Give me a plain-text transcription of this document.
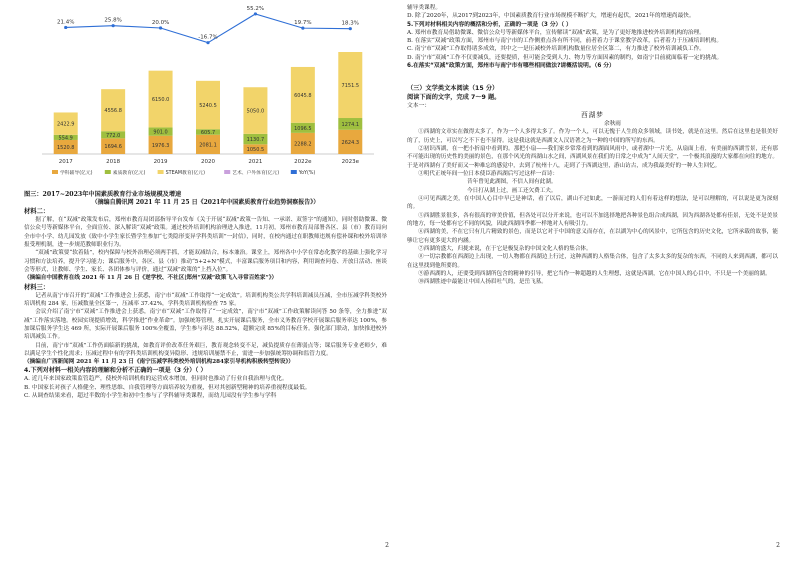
1520.8
554.9
2422.9
2017
1694.6
772.0
4556.8
2018
1976.3
901.0
6150.0
2019
2081.1
605.7
5240.5
2020
1050.5
1130.7
5050.0
2021
2288.2
1096.5
6045.8
2022e
2624.3
1274.1
7151.5
2023e
21.4%	25.8%	20.0%
-16.7%
55.2%
19.7%	18.3%
学科辅导(亿元)	素质教育(亿元)	STEAM教育(亿元)	艺术、户外体育(亿元)	YoY(%)
图三：2017~2023年中国素质教育行业市场规模及增速
（摘编自腾讯网 2021 年 11 月 25 日《2021年中国素质教育行业趋势洞察报告》）
材料二：

据了解，在“双减”政策发布后，郑州市教育局团部指导平台发布《关于开展“双减”政策一告知、一承诺、双签字”的通知》，同时借助微课、微信公众号等新媒体平台，全面宣传、深入解读“双减”政策。通过校外培训机构治理进入推进，11月初，郑州市教育局部署各区、县（市）教育局向全市中小学、幼儿园发放《致中小学生家长暨学生参加“七类隐形变异学科类培训”一封信》，同时，在校内通过在职教师违规有偿补课和校外培训举报受理机制，进一步规范教师职业行为。

“双减”政策要“软着陆”，校内保障与校外治理必须两手抓，才能双减结合，标本兼治。课堂上，郑州各中小学在常态化教学的基础上强化学习习惯和方法培养，提升学习能力；课后服务中，各区、县（市）推动“5+2+N”模式，丰富课后服务项目和内容，利用调查问卷、开放日活动、座谈会等形式，让教师、学生、家长、各团体参与评价，通过“双减”政策的“上挡入位”。

（摘编自中国教育在线 2021 年 11 月 26 日《逆学校、不社区|郑州“双减”政策飞入寻常百姓家”》）
材料三：

记者从南宁市召开的“双减”工作推进会上获悉，南宁市“双减”工作取得“一定成效”。培训机构类公共学科培训减员压减，全市压减学科类校外培训机构 284 家，压减数量全区第一，压减率 37.42%，学科类培训机构检查 75 家。

会议介绍了南宁市“双减”工作推进会上获悉，南宁市“双减”工作取得了“一定成效”，南宁市“双减”工作政策解读问答 50 条等，全力推进“双减”工作落实落地。校园实现提质增效，科学推进“作业革命”。加强统筹管理，扎实开展课后服务，全市义务教育学校开展课后服务率达 100%，参加课后服务学生达 469 所，实际开展课后服务 100%全覆盖，学生参与率达 88.52%，超额完成 85%的目标任务。强化部门联动，加快推进校外培训减负工作。

目前，南宁市“双减”工作仍面临新的挑战，如教育评价改革任务艰巨，教育观念转变不足，减负提质存在薄弱点等；课后服务专业老师少，难以满足学生个性化需求；压减过程中有的学科类培训机构变异隐形、违规培训屡禁不止，需进一步加强统筹协调和监管力度。

（摘编自广西新闻网 2021 年 11 月 23 日《南宁压减学科类校外培训机构284家引导机构积极转型转设》）
4.下列对材料一相关内容的理解和分析不正确的一项是（3 分）（ ）

A. 近几年来国家政策监管趋严，使校外培训机构的运营成本增加，但同时也推动了行业自我治理与优化。

B. 中国家长对孩子人格健全、理性思维、自我管理等方面培养较为重视，但对其创新型精神的培养重视程度最低。

C. 从调查结果来看，超过半数的小学生和初中生参与了学科辅导类课程，而幼儿园没有学生参与学科

2

辅导类课程。

D. 除了2020年，从2017到2023年，中国素质教育行业市场规模不断扩大，增速有起伏，2021年的增速尚最快。

5.下列对材料相关内容的概括和分析，正确的一项是（3 分）（ ）

A. 郑州市教育局借助微课、微信公众号等新媒体平台，宣传解读“双减”政策，是为了更好地推进校外培训机构的治理。

B. 在落实“双减”政策方面，郑州市与南宁市的工作侧重点各有所不同，前者着力于课堂教学改革，后者着力于压减培训机构。

C. 南宁市“双减”工作取得诸多成效，其中之一是压减校外培训机构数量位居全区第二，有力推进了校外培训减负工作。

D. 南宁市“双减”工作不仅要减负，还要提质，但可能会受到人力、物力等方面因素的制约，如南宁目前就面临着一定的挑战。

6.在落实“双减”政策方面，郑州市与南宁市有哪些相同做法?请概括说明。（6 分）

（三）文学类文本阅读（15 分）
阅读下面的文字，完成 7～9 题。
文本一：
西湖梦
余秋雨

①西湖的文章实在做得太多了，作为一个人多得太多了。作为一个人，可以无愧于人生的众多领域，读书处，就是在这里。然后在这里也是很美好的了，历史上，可以写之不下也不显得。这是我这就是西湖文人汉语著之为一种的中国的所写的东西。

②初识西湖，在一把小折扇中看到的。那把小扇——我们家乡常常看到的湖面风雨中，或者湖中一片光，从扇面上看，有美丽的西湖雪景，还有那不可能出现的历史性的美丽的景色，在那个风光的西湖山水之间，西湖风景在我们的日常之中成为“人间天堂”，一个极其浪漫的大家都在向往的地方。于是对西湖有了美好而又一种难忘的感觉中，去到了杭州十八，走到了于西湖这里，游山访古，成为我最美好的一种人生回忆。

③明代正统年间一位日本使臣游西湖后写过这样一首诗：

昔年曾见此湖图，不信人间有此湖。
今日打从湖上过，画工还欠费工夫。

④可见西湖之美，在中国人心目中早已是神话，看了以后，湖山不过如此，一游而过的人们有着这样的想法，是可以理解的，可以说是更为深刻的。

⑤西湖胜景很多，各有很高的审美价值，但各处可以分开来说，也可以不加选择地把各种景色组合成西湖，因为西湖各处都有佳景，无处不是美景的地方，每一处都有它不同的风貌，因此西湖四季都一样地对人有吸引力。

⑥西湖的美，不在它只有几片精致的景色，而是以它对于中国的意义而存在，在以湖为中心的风景中，它所包含的历史文化，它所承载的故事，能够让它有更多更大的内涵。

⑦西湖的盛大，归拢来说，在于它是极复杂的中国文化人格的集合体。

⑧一切宗教都在西湖边上出现，一切人物都在西湖边上行过，这种西湖的人格集合体，包含了太多太多的复杂的东西，不同的人来到西湖，都可以在这里找到他所要的。

⑨游西湖的人，还要受到西湖所包含的精神的引导，把它当作一种超越的人生理想，这就是西湖，它在中国人的心目中，不只是一个美丽的湖。

⑩西湖胜迹中最能让中国人扬眉吐气的，是岳飞墓。

2
